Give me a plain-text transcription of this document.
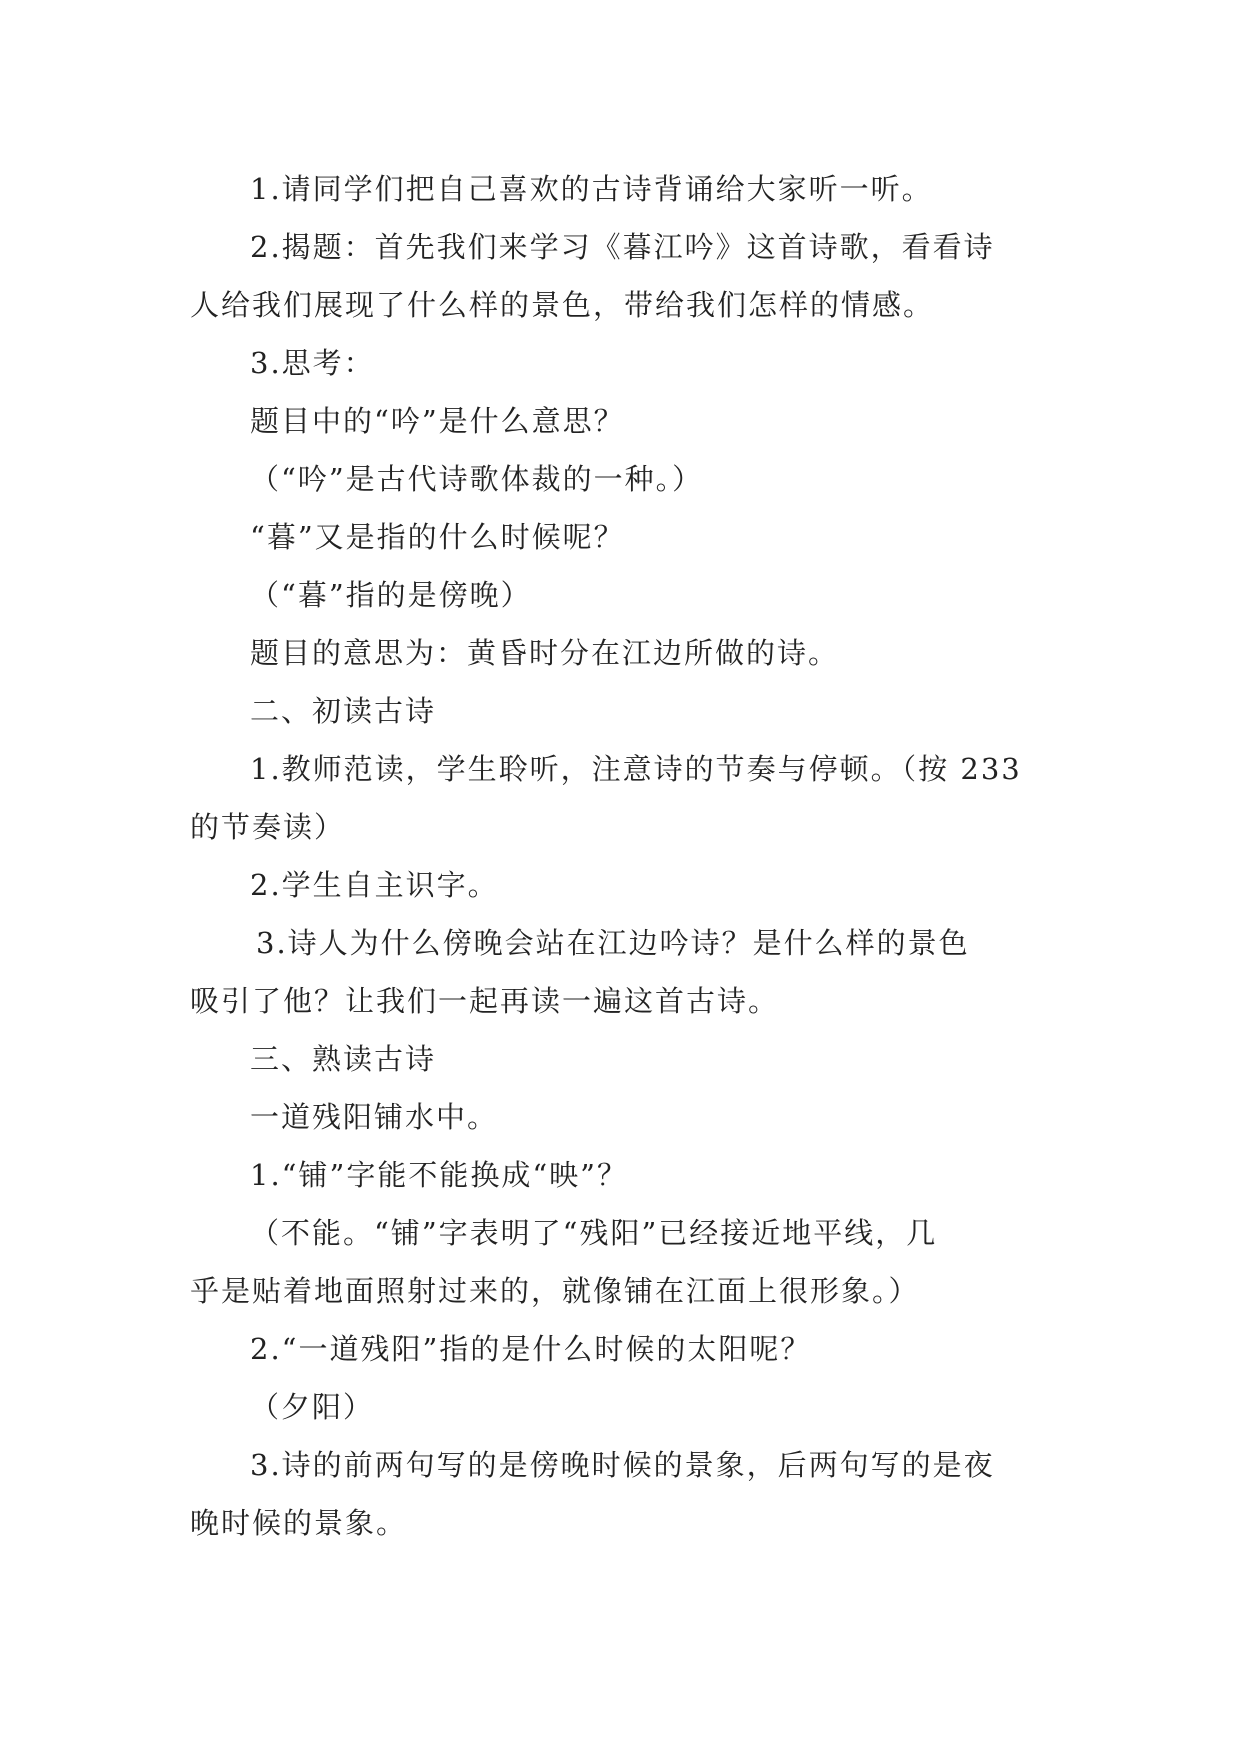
1.请同学们把自己喜欢的古诗背诵给大家听一听。
2.揭题：首先我们来学习《暮江吟》这首诗歌，看看诗
人给我们展现了什么样的景色，带给我们怎样的情感。
3.思考：
题目中的“吟”是什么意思？
（“吟”是古代诗歌体裁的一种。）
“暮”又是指的什么时候呢？
（“暮”指的是傍晚）
题目的意思为：黄昏时分在江边所做的诗。
二、初读古诗
1.教师范读，学生聆听，注意诗的节奏与停顿。（按 233
的节奏读）
2.学生自主识字。
3.诗人为什么傍晚会站在江边吟诗？是什么样的景色
吸引了他？让我们一起再读一遍这首古诗。
三、熟读古诗
一道残阳铺水中。
1.“铺”字能不能换成“映”？
（不能。“铺”字表明了“残阳”已经接近地平线，几
乎是贴着地面照射过来的，就像铺在江面上很形象。）
2.“一道残阳”指的是什么时候的太阳呢？
（夕阳）
3.诗的前两句写的是傍晚时候的景象，后两句写的是夜
晚时候的景象。
